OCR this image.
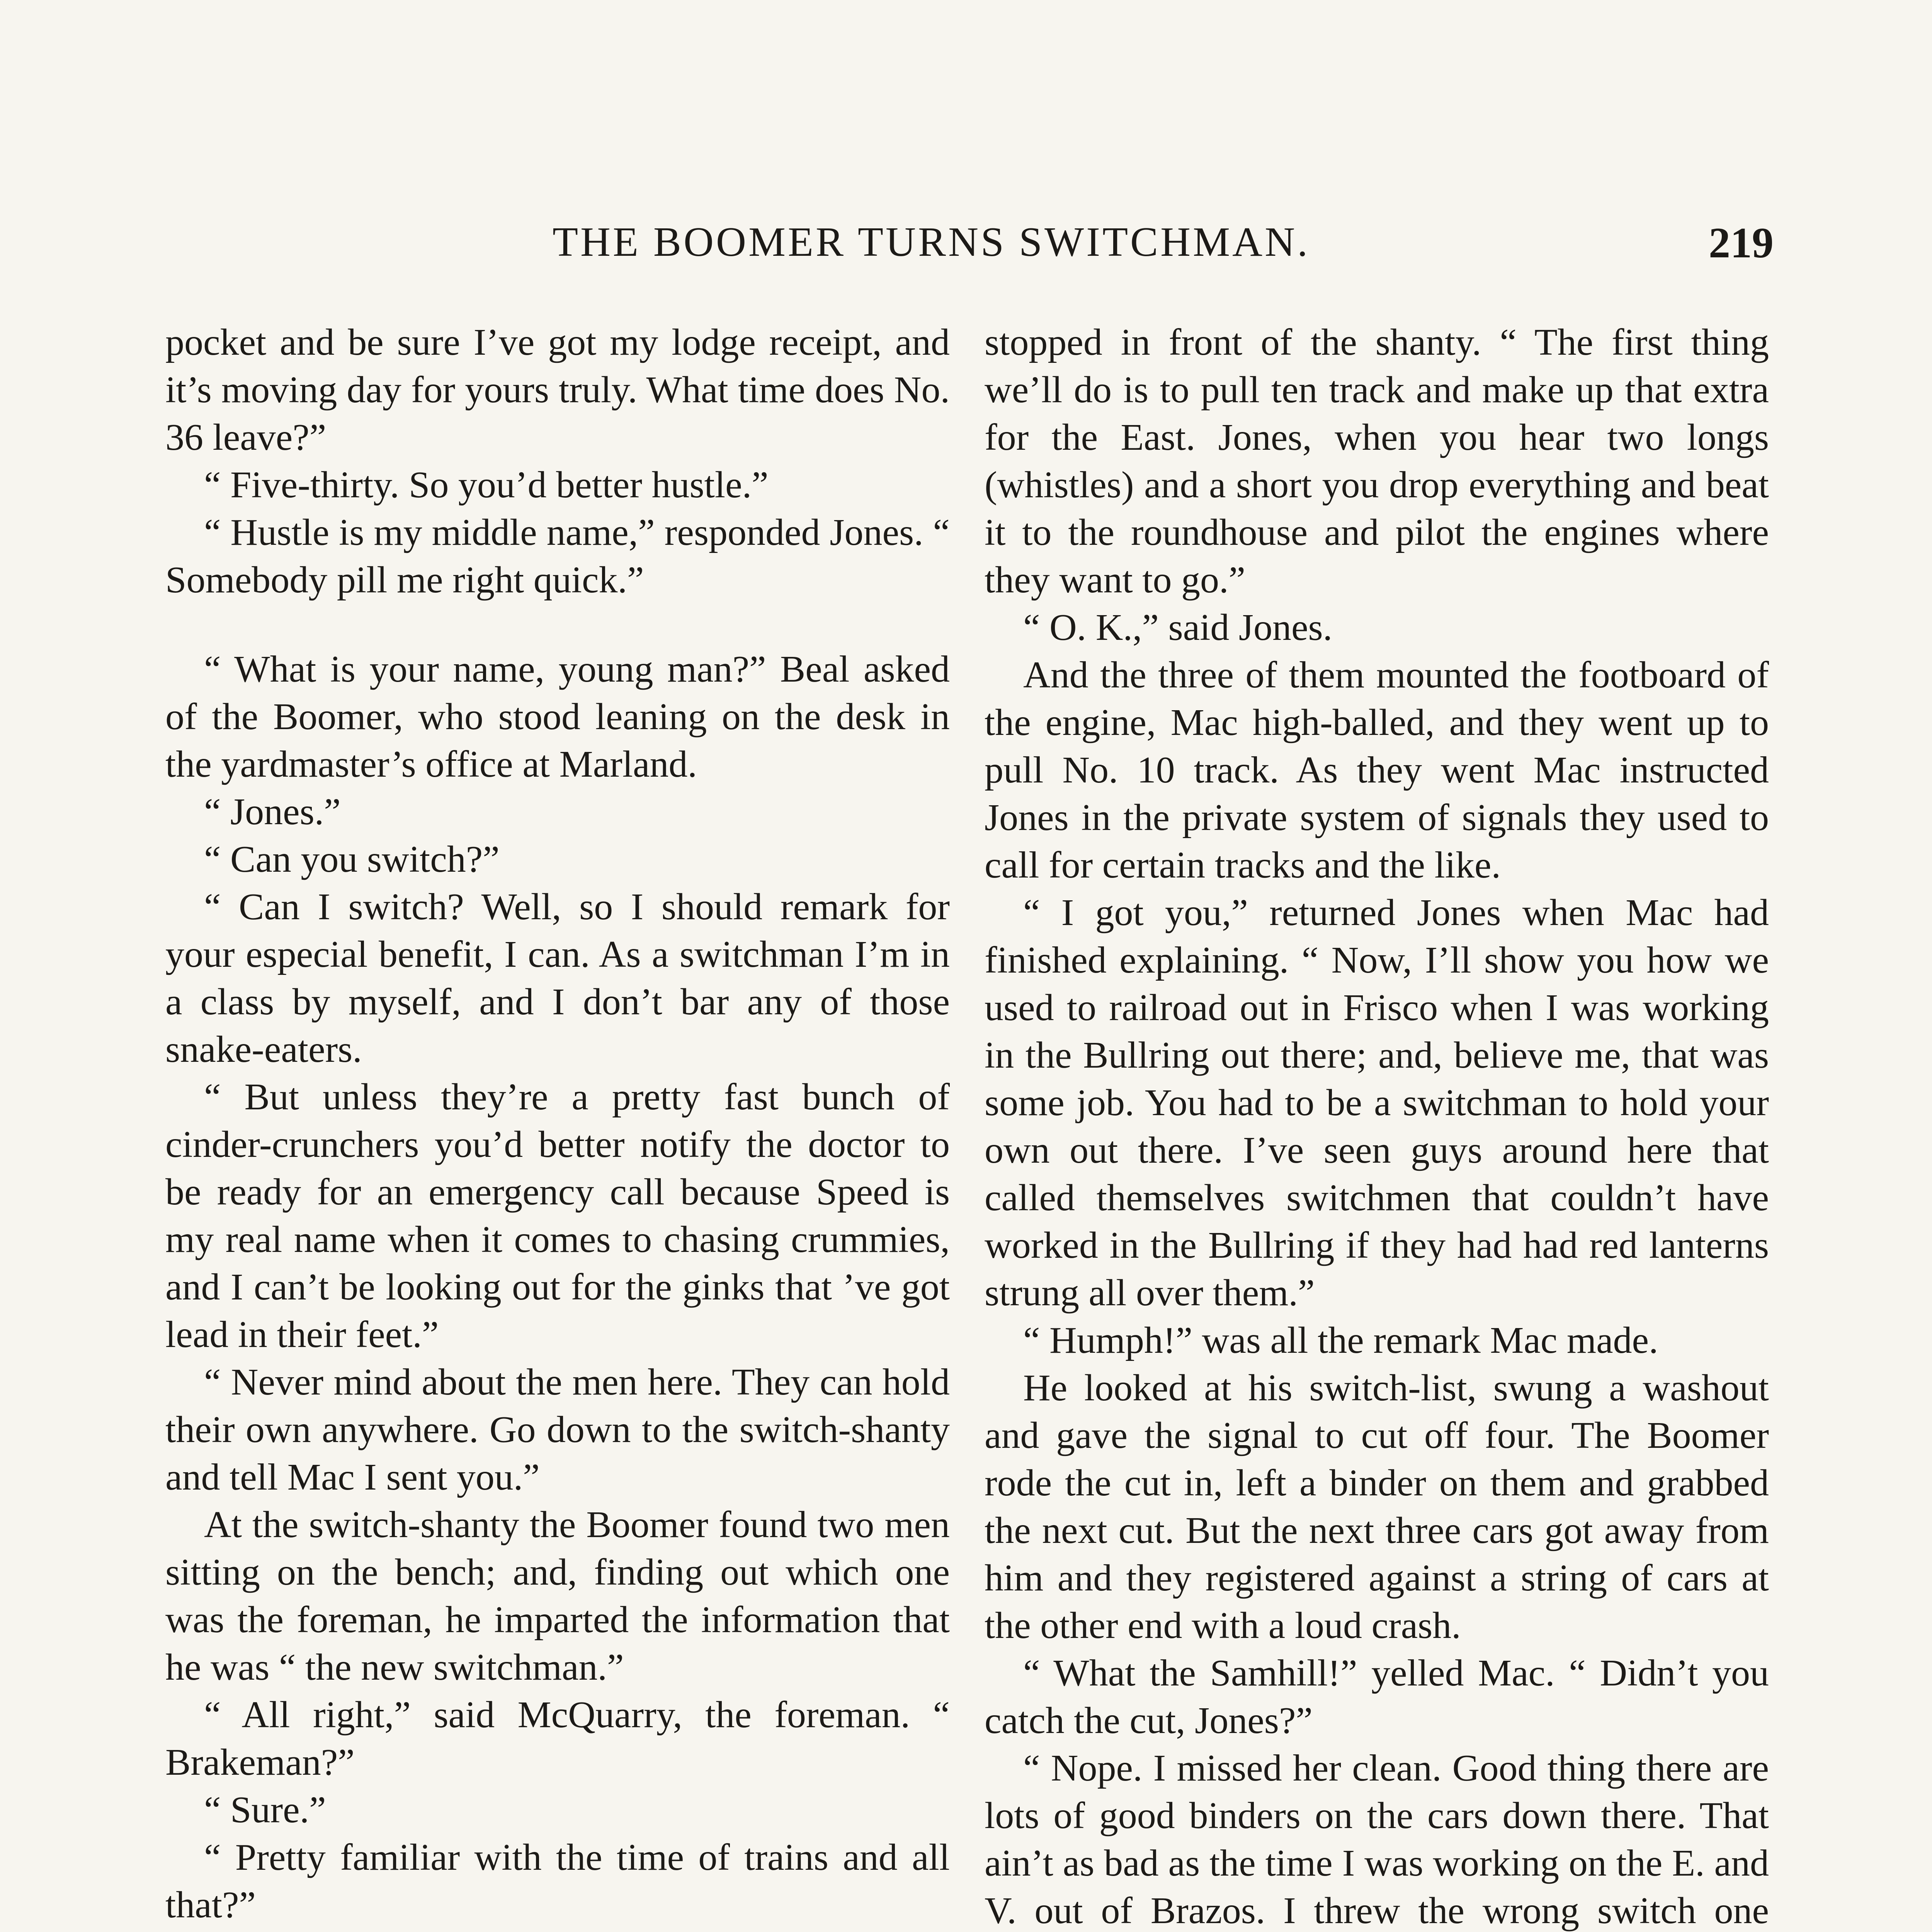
THE BOOMER TURNS SWITCHMAN.	219

pocket and be sure I’ve got my lodge receipt, and it’s moving day for yours truly. What time does No. 36 leave?”

“ Five-thirty. So you’d better hustle.”

“ Hustle is my middle name,” responded Jones. “ Somebody pill me right quick.”

“ What is your name, young man?” Beal asked of the Boomer, who stood leaning on the desk in the yardmaster’s office at Marland.

“ Jones.”

“ Can you switch?”

“ Can I switch? Well, so I should remark for your especial benefit, I can. As a switchman I’m in a class by myself, and I don’t bar any of those snake-eaters.

“ But unless they’re a pretty fast bunch of cinder-crunchers you’d better notify the doctor to be ready for an emergency call because Speed is my real name when it comes to chasing crummies, and I can’t be looking out for the ginks that ’ve got lead in their feet.”

“ Never mind about the men here. They can hold their own anywhere. Go down to the switch-shanty and tell Mac I sent you.”

At the switch-shanty the Boomer found two men sitting on the bench; and, finding out which one was the foreman, he imparted the information that he was “ the new switchman.”

“ All right,” said McQuarry, the foreman. “ Brakeman?”

“ Sure.”

“ Pretty familiar with the time of trains and all that?”

stopped in front of the shanty. “ The first thing we’ll do is to pull ten track and make up that extra for the East. Jones, when you hear two longs (whistles) and a short you drop everything and beat it to the roundhouse and pilot the engines where they want to go.”

“ O. K.,” said Jones.

And the three of them mounted the footboard of the engine, Mac high-balled, and they went up to pull No. 10 track. As they went Mac instructed Jones in the private system of signals they used to call for certain tracks and the like.

“ I got you,” returned Jones when Mac had finished explaining. “ Now, I’ll show you how we used to railroad out in Frisco when I was working in the Bullring out there; and, believe me, that was some job. You had to be a switchman to hold your own out there. I’ve seen guys around here that called themselves switchmen that couldn’t have worked in the Bullring if they had had red lanterns strung all over them.”

“ Humph!” was all the remark Mac made.

He looked at his switch-list, swung a washout and gave the signal to cut off four. The Boomer rode the cut in, left a binder on them and grabbed the next cut. But the next three cars got away from him and they registered against a string of cars at the other end with a loud crash.

“ What the Samhill!” yelled Mac. “ Didn’t you catch the cut, Jones?”

“ Nope. I missed her clean. Good thing there are lots of good binders on the cars down there. That ain’t as bad as the time I was working on the E. and V. out of Brazos. I threw the wrong switch one
